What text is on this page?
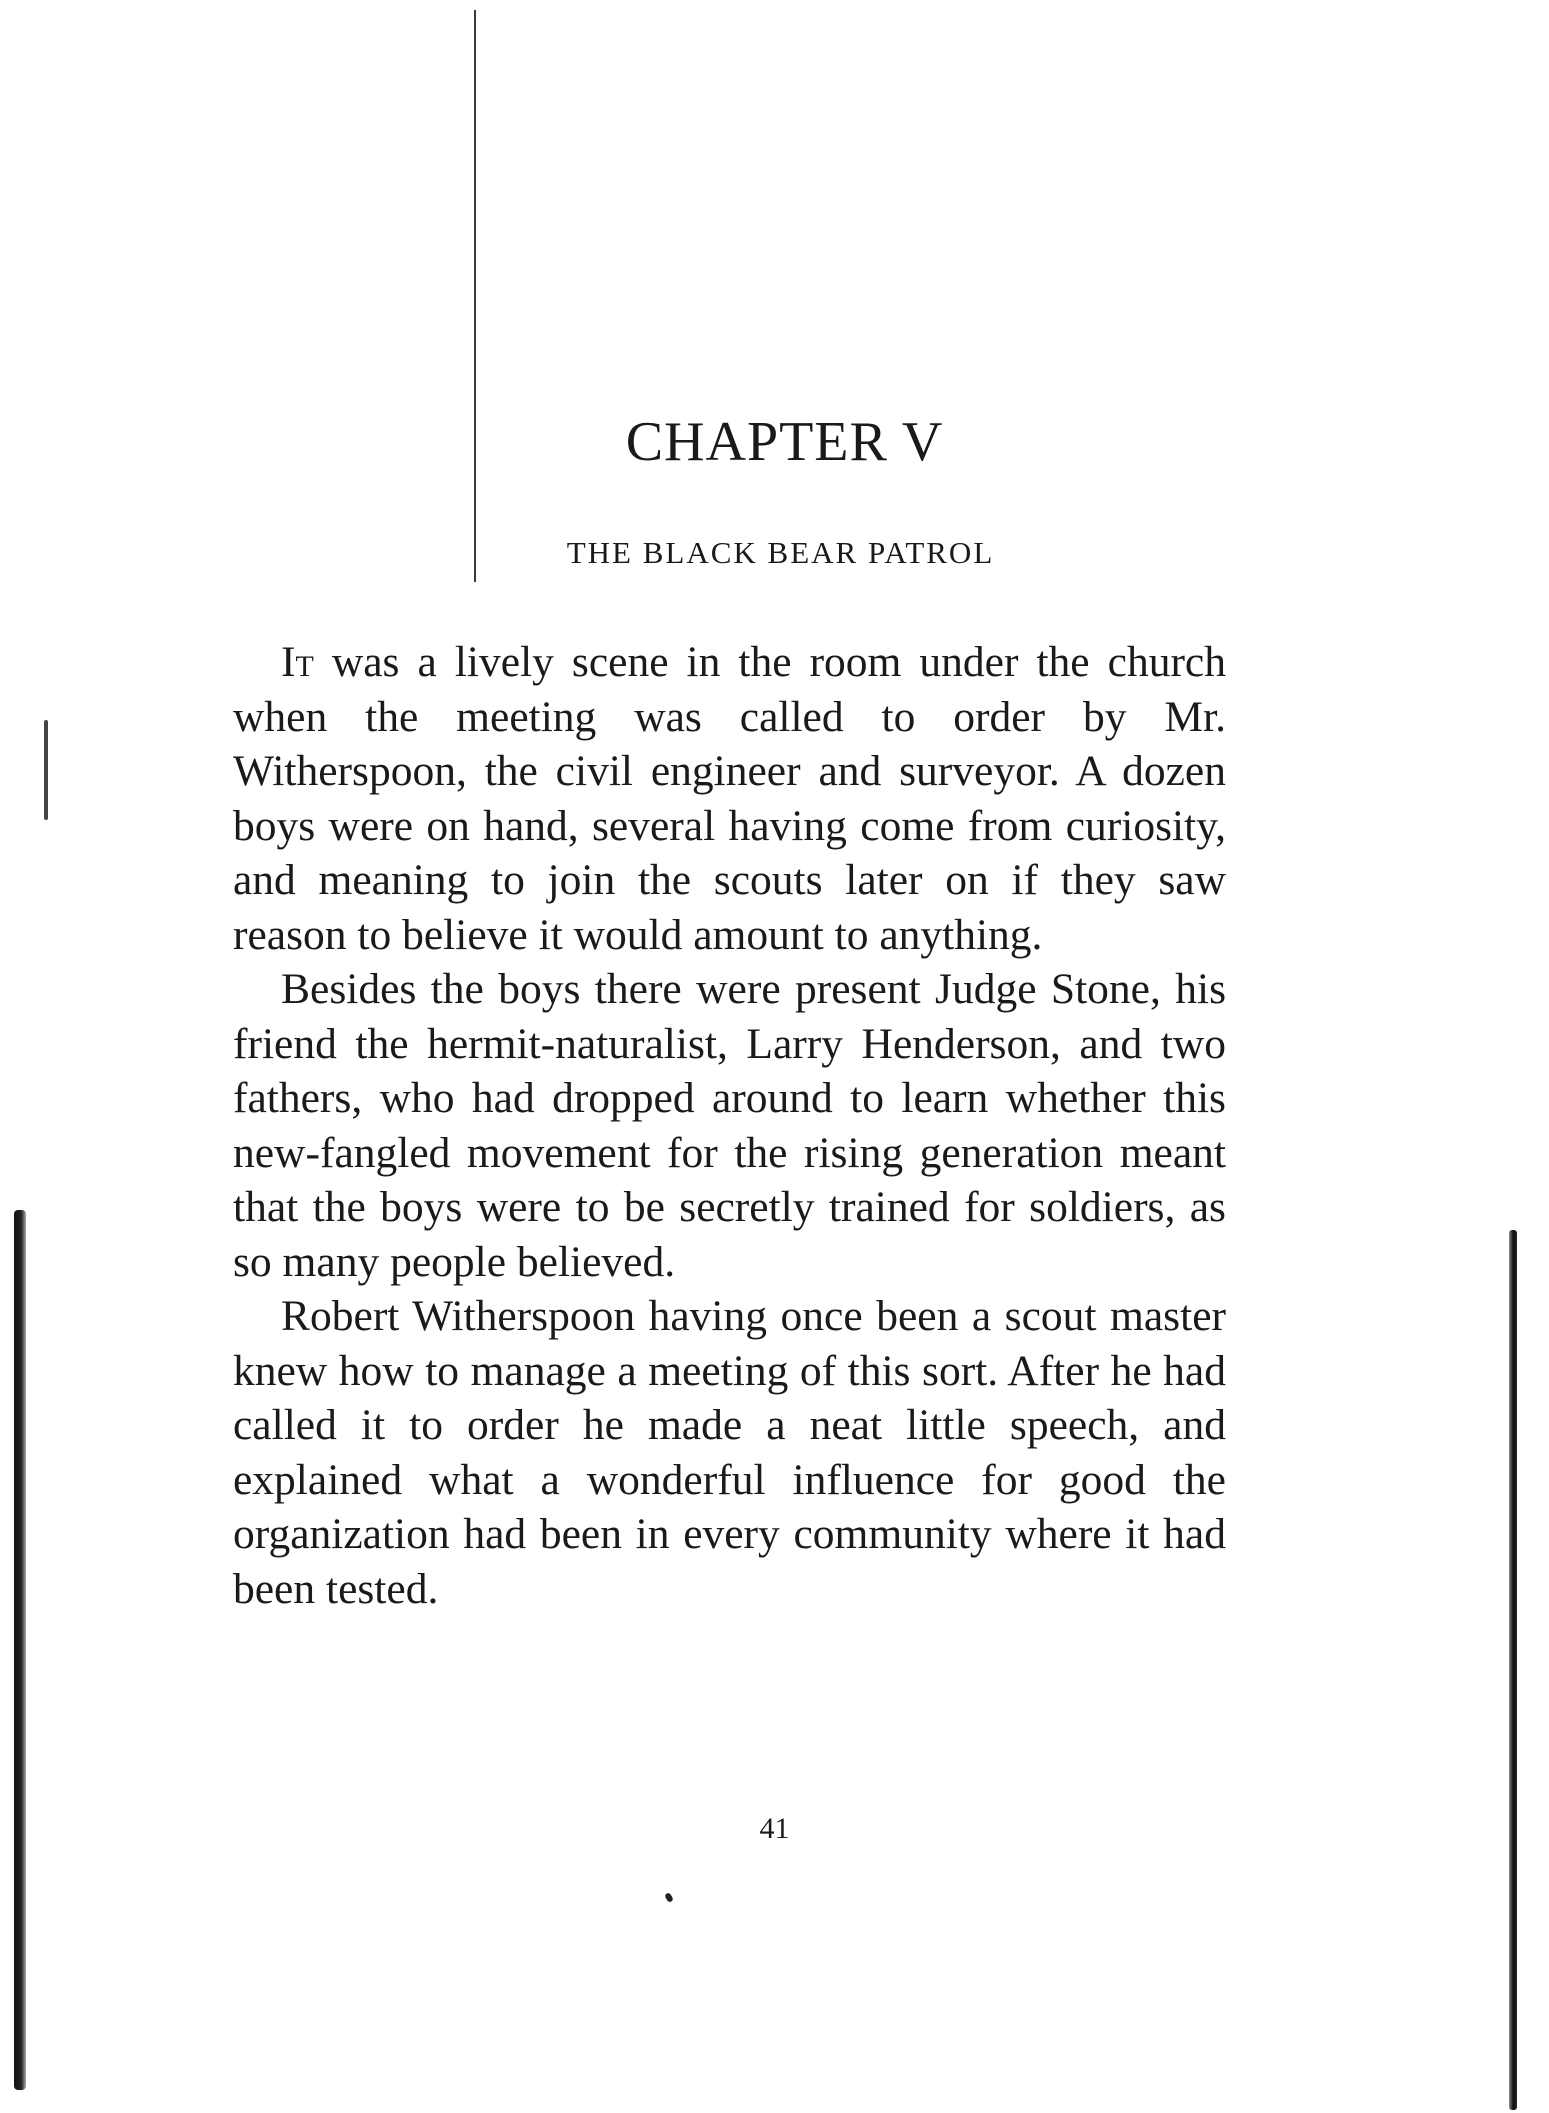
CHAPTER V
THE BLACK BEAR PATROL

It was a lively scene in the room under the church when the meeting was called to order by Mr. Witherspoon, the civil engineer and surveyor. A dozen boys were on hand, several having come from curiosity, and meaning to join the scouts later on if they saw reason to believe it would amount to anything.

Besides the boys there were present Judge Stone, his friend the hermit-naturalist, Larry Henderson, and two fathers, who had dropped around to learn whether this new-fangled movement for the rising generation meant that the boys were to be secretly trained for soldiers, as so many people believed.

Robert Witherspoon having once been a scout master knew how to manage a meeting of this sort. After he had called it to order he made a neat little speech, and explained what a wonderful influence for good the organization had been in every community where it had been tested.

41
